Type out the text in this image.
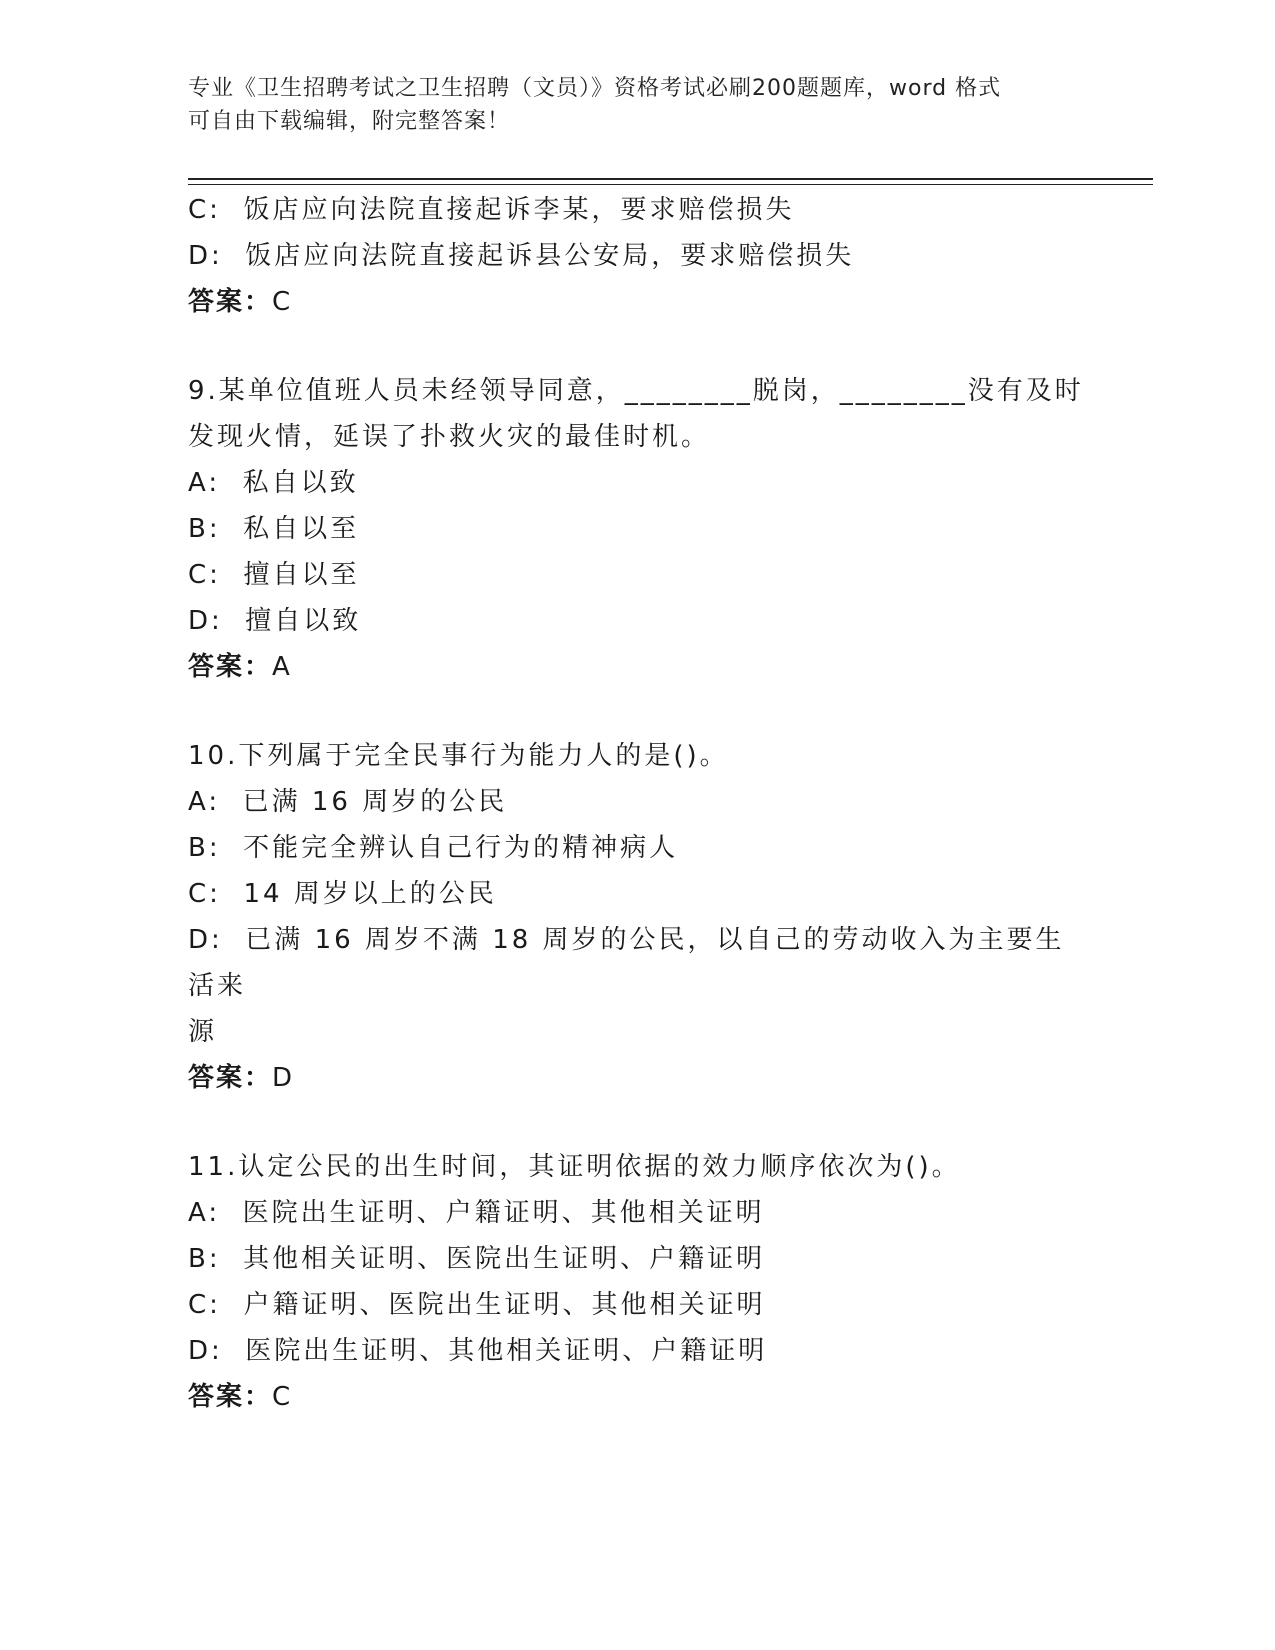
专业《卫生招聘考试之卫生招聘（文员）》资格考试必刷200题题库，word 格式
可自由下载编辑，附完整答案！
C:  饭店应向法院直接起诉李某，要求赔偿损失
D:  饭店应向法院直接起诉县公安局，要求赔偿损失
答案：C
9.某单位值班人员未经领导同意，________脱岗，________没有及时
发现火情，延误了扑救火灾的最佳时机。
A:  私自以致
B:  私自以至
C:  擅自以至
D:  擅自以致
答案：A
10.下列属于完全民事行为能力人的是()。
A:  已满 16 周岁的公民
B:  不能完全辨认自己行为的精神病人
C:  14 周岁以上的公民
D:  已满 16 周岁不满 18 周岁的公民，以自己的劳动收入为主要生活来
源
答案：D
11.认定公民的出生时间，其证明依据的效力顺序依次为()。
A:  医院出生证明、户籍证明、其他相关证明
B:  其他相关证明、医院出生证明、户籍证明
C:  户籍证明、医院出生证明、其他相关证明
D:  医院出生证明、其他相关证明、户籍证明
答案：C
